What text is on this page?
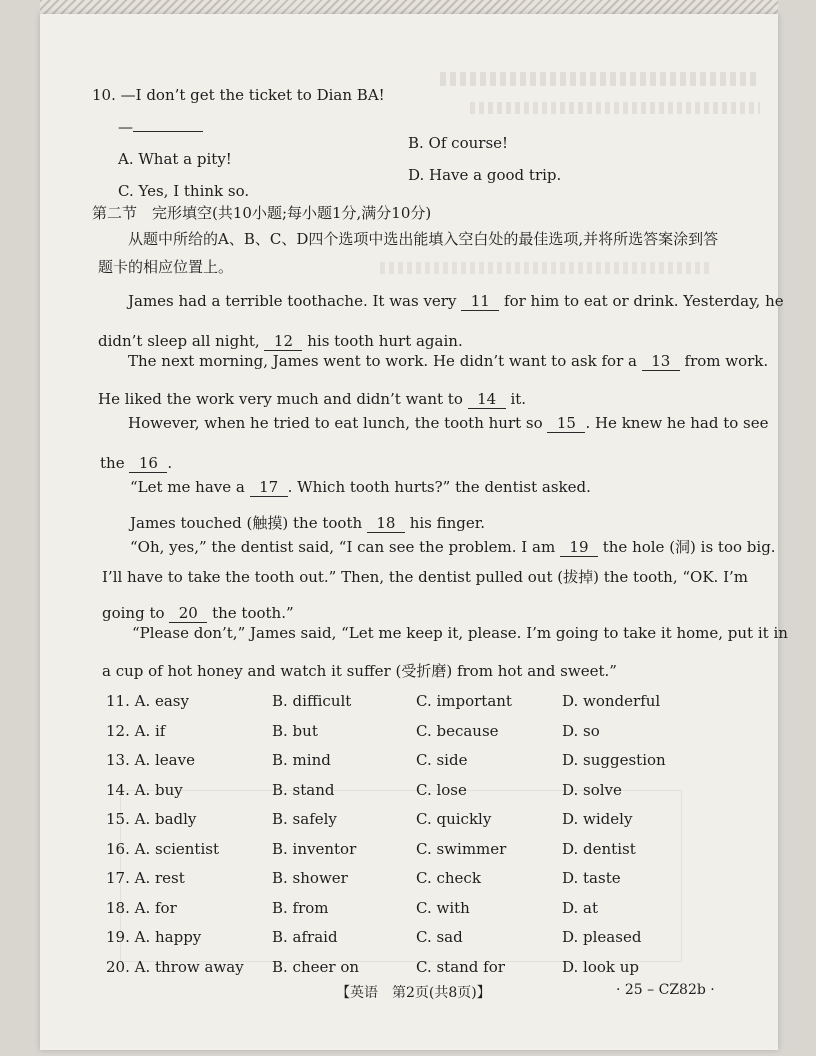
10. —I don’t get the ticket to Dian BA!
—
A. What a pity!
B. Of course!
C. Yes, I think so.
D. Have a good trip.
第二节　完形填空(共10小题;每小题1分,满分10分)
从题中所给的A、B、C、D四个选项中选出能填入空白处的最佳选项,并将所选答案涂到答
题卡的相应位置上。
James had a terrible toothache. It was very 11 for him to eat or drink. Yesterday, he
didn’t sleep all night, 12 his tooth hurt again.
The next morning, James went to work. He didn’t want to ask for a 13 from work.
He liked the work very much and didn’t want to 14 it.
However, when he tried to eat lunch, the tooth hurt so 15 . He knew he had to see
the 16 .
“Let me have a 17 . Which tooth hurts?” the dentist asked.
James touched (触摸) the tooth 18 his finger.
“Oh, yes,” the dentist said, “I can see the problem. I am 19 the hole (洞) is too big.
I’ll have to take the tooth out.” Then, the dentist pulled out (拔掉) the tooth, “OK. I’m
going to 20 the tooth.”
“Please don’t,” James said, “Let me keep it, please. I’m going to take it home, put it in
a cup of hot honey and watch it suffer (受折磨) from hot and sweet.”
11. A. easy	B. difficult	C. important	D. wonderful
12. A. if	B. but	C. because	D. so
13. A. leave	B. mind	C. side	D. suggestion
14. A. buy	B. stand	C. lose	D. solve
15. A. badly	B. safely	C. quickly	D. widely
16. A. scientist	B. inventor	C. swimmer	D. dentist
17. A. rest	B. shower	C. check	D. taste
18. A. for	B. from	C. with	D. at
19. A. happy	B. afraid	C. sad	D. pleased
20. A. throw away B. cheer on	C. stand for	D. look up
【英语　第2页(共8页)】	· 25 – CZ82b ·
